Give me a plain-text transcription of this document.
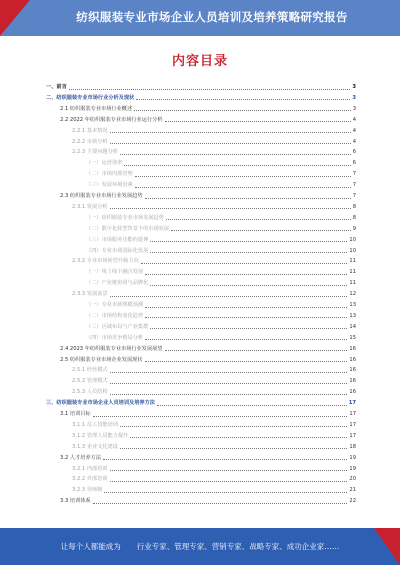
纺织服装专业市场企业人员培训及培养策略研究报告
内容目录
一、前言	3
二、纺织服装专业市场行业分析及现状	3
2.1 纺织服装专业市场行业概述	3
2.2 2022 年纺织服装专业市场行业运行分析	4
2.2.1 基本情况	4
2.2.2 市场分析	4
2.2.3 主要问题分析	6
（一）运营效率	6
（二）市场内部管理	7
（三）发展环境因素	7
2.3 纺织服装专业市场行业发展趋势	7
2.3.1 发展分析	8
（一）纺织服装专业市场发展趋势	8
（二）数字化转型背景下的市场发展	9
（三）市场服务功能的延伸	10
（四）专业市场国际化发展	10
2.3.2 专业市场转型升级方向	11
（一）线上线下融合发展	11
（二）产业链协同与品牌化	11
2.3.3 发展前景	12
（一）专业市场规模预测	13
（二）市场结构变化趋势	13
（三）区域布局与产业集群	14
（四）市场竞争格局分析	15
2.4 2023 年纺织服装专业市场行业发展展望	16
2.5 纺织服装专业市场企业发展现状	16
2.5.1 经营模式	16
2.5.2 管理模式	16
2.5.3 人员结构	16
三、纺织服装专业市场企业人员培训及培养方法	17
3.1 培训目标	17
3.1.1 员工技能培训	17
3.1.2 管理人员能力提升	17
3.1.3 企业文化建设	18
3.2 人才培养方法	19
3.2.1 内部培训	19
3.2.2 外部培训	20
3.2.3 导师制	21
3.3 培训体系	22
让每个人都能成为 行业专家、管理专家、营销专家、战略专家、成功企业家……
